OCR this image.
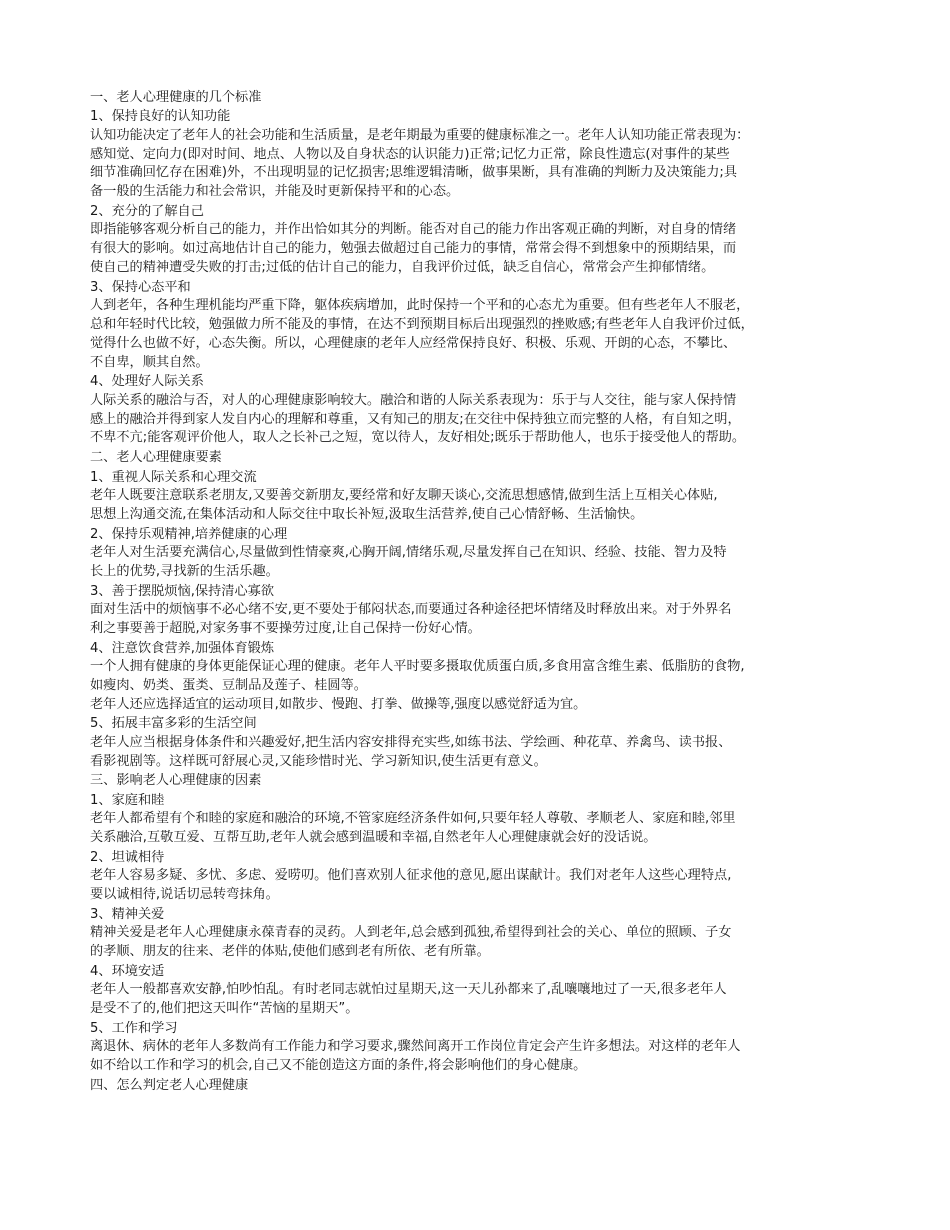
一、老人心理健康的几个标准
1、保持良好的认知功能
认知功能决定了老年人的社会功能和生活质量，是老年期最为重要的健康标准之一。老年人认知功能正常表现为：
感知觉、定向力(即对时间、地点、人物以及自身状态的认识能力)正常;记忆力正常，除良性遗忘(对事件的某些
细节准确回忆存在困难)外，不出现明显的记忆损害;思维逻辑清晰，做事果断，具有准确的判断力及决策能力;具
备一般的生活能力和社会常识，并能及时更新保持平和的心态。
2、充分的了解自己
即指能够客观分析自己的能力，并作出恰如其分的判断。能否对自己的能力作出客观正确的判断，对自身的情绪
有很大的影响。如过高地估计自己的能力，勉强去做超过自己能力的事情，常常会得不到想象中的预期结果，而
使自己的精神遭受失败的打击;过低的估计自己的能力，自我评价过低，缺乏自信心，常常会产生抑郁情绪。
3、保持心态平和
人到老年，各种生理机能均严重下降，躯体疾病增加，此时保持一个平和的心态尤为重要。但有些老年人不服老，
总和年轻时代比较，勉强做力所不能及的事情，在达不到预期目标后出现强烈的挫败感;有些老年人自我评价过低，
觉得什么也做不好，心态失衡。所以，心理健康的老年人应经常保持良好、积极、乐观、开朗的心态，不攀比、
不自卑，顺其自然。
4、处理好人际关系
人际关系的融洽与否，对人的心理健康影响较大。融洽和谐的人际关系表现为：乐于与人交往，能与家人保持情
感上的融洽并得到家人发自内心的理解和尊重，又有知己的朋友;在交往中保持独立而完整的人格，有自知之明，
不卑不亢;能客观评价他人，取人之长补己之短，宽以待人，友好相处;既乐于帮助他人，也乐于接受他人的帮助。
二、老人心理健康要素
1、重视人际关系和心理交流
老年人既要注意联系老朋友,又要善交新朋友,要经常和好友聊天谈心,交流思想感情,做到生活上互相关心体贴,
思想上沟通交流,在集体活动和人际交往中取长补短,汲取生活营养,使自己心情舒畅、生活愉快。
2、保持乐观精神,培养健康的心理
老年人对生活要充满信心,尽量做到性情豪爽,心胸开阔,情绪乐观,尽量发挥自己在知识、经验、技能、智力及特
长上的优势,寻找新的生活乐趣。
3、善于摆脱烦恼,保持清心寡欲
面对生活中的烦恼事不必心绪不安,更不要处于郁闷状态,而要通过各种途径把坏情绪及时释放出来。对于外界名
利之事要善于超脱,对家务事不要操劳过度,让自己保持一份好心情。
4、注意饮食营养,加强体育锻炼
一个人拥有健康的身体更能保证心理的健康。老年人平时要多摄取优质蛋白质,多食用富含维生素、低脂肪的食物,
如瘦肉、奶类、蛋类、豆制品及莲子、桂圆等。
老年人还应选择适宜的运动项目,如散步、慢跑、打拳、做操等,强度以感觉舒适为宜。
5、拓展丰富多彩的生活空间
老年人应当根据身体条件和兴趣爱好,把生活内容安排得充实些,如练书法、学绘画、种花草、养禽鸟、读书报、
看影视剧等。这样既可舒展心灵,又能珍惜时光、学习新知识,使生活更有意义。
三、影响老人心理健康的因素
1、家庭和睦
老年人都希望有个和睦的家庭和融洽的环境,不管家庭经济条件如何,只要年轻人尊敬、孝顺老人、家庭和睦,邻里
关系融洽,互敬互爱、互帮互助,老年人就会感到温暖和幸福,自然老年人心理健康就会好的没话说。
2、坦诚相待
老年人容易多疑、多忧、多虑、爱唠叨。他们喜欢别人征求他的意见,愿出谋献计。我们对老年人这些心理特点,
要以诚相待,说话切忌转弯抹角。
3、精神关爱
精神关爱是老年人心理健康永葆青春的灵药。人到老年,总会感到孤独,希望得到社会的关心、单位的照顾、子女
的孝顺、朋友的往来、老伴的体贴,使他们感到老有所依、老有所靠。
4、环境安适
老年人一般都喜欢安静,怕吵怕乱。有时老同志就怕过星期天,这一天儿孙都来了,乱嚷嚷地过了一天,很多老年人
是受不了的,他们把这天叫作“苦恼的星期天”。
5、工作和学习
离退休、病休的老年人多数尚有工作能力和学习要求,骤然间离开工作岗位肯定会产生许多想法。对这样的老年人
如不给以工作和学习的机会,自己又不能创造这方面的条件,将会影响他们的身心健康。
四、怎么判定老人心理健康
